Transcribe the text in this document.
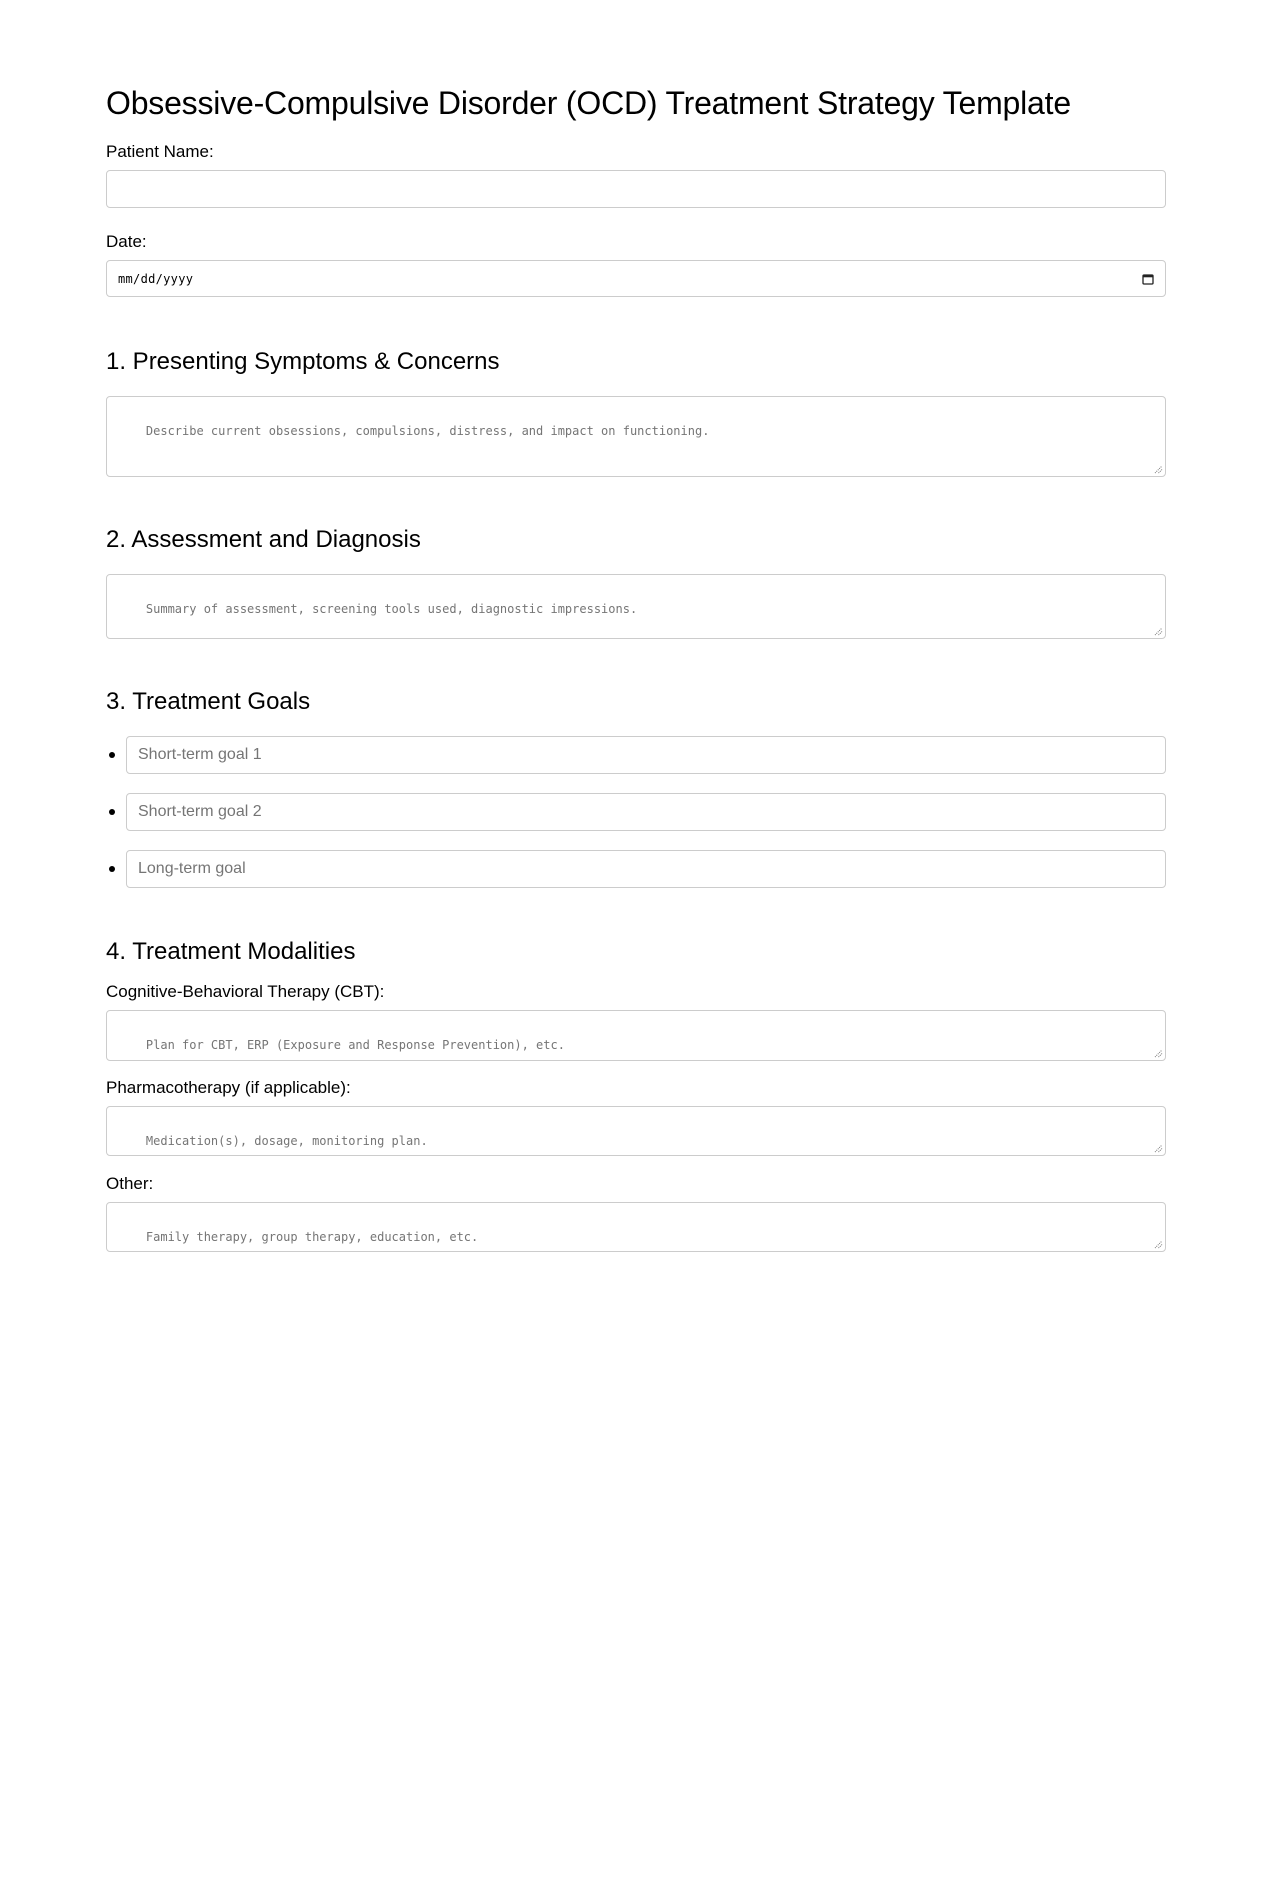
Obsessive-Compulsive Disorder (OCD) Treatment Strategy Template
Patient Name:
Date:
mm/dd/yyyy
1. Presenting Symptoms & Concerns

Describe current obsessions, compulsions, distress, and impact on functioning.

2. Assessment and Diagnosis

Summary of assessment, screening tools used, diagnostic impressions.

3. Treatment Goals
Short-term goal 1
Short-term goal 2
Long-term goal
4. Treatment Modalities
Cognitive-Behavioral Therapy (CBT):

Plan for CBT, ERP (Exposure and Response Prevention), etc.

Pharmacotherapy (if applicable):

Medication(s), dosage, monitoring plan.

Other:

Family therapy, group therapy, education, etc.
